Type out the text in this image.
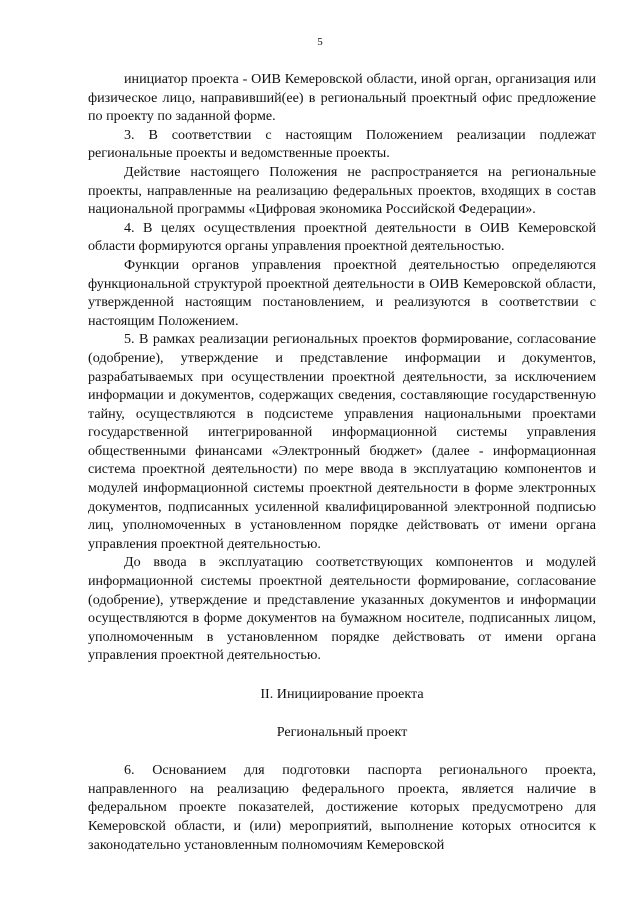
5

инициатор проекта - ОИВ Кемеровской области, иной орган, организация или физическое лицо, направивший(ее) в региональный проектный офис предложение по проекту по заданной форме.

3. В соответствии с настоящим Положением реализации подлежат региональные проекты и ведомственные проекты.

Действие настоящего Положения не распространяется на региональные проекты, направленные на реализацию федеральных проектов, входящих в состав национальной программы «Цифровая экономика Российской Федерации».

4. В целях осуществления проектной деятельности в ОИВ Кемеровской области формируются органы управления проектной деятельностью.

Функции органов управления проектной деятельностью определяются функциональной структурой проектной деятельности в ОИВ Кемеровской области, утвержденной настоящим постановлением, и реализуются в соответствии с настоящим Положением.

5. В рамках реализации региональных проектов формирование, согласование (одобрение), утверждение и представление информации и документов, разрабатываемых при осуществлении проектной деятельности, за исключением информации и документов, содержащих сведения, составляющие государственную тайну, осуществляются в подсистеме управления национальными проектами государственной интегрированной информационной системы управления общественными финансами «Электронный бюджет» (далее - информационная система проектной деятельности) по мере ввода в эксплуатацию компонентов и модулей информационной системы проектной деятельности в форме электронных документов, подписанных усиленной квалифицированной электронной подписью лиц, уполномоченных в установленном порядке действовать от имени органа управления проектной деятельностью.

До ввода в эксплуатацию соответствующих компонентов и модулей информационной системы проектной деятельности формирование, согласование (одобрение), утверждение и представление указанных документов и информации осуществляются в форме документов на бумажном носителе, подписанных лицом, уполномоченным в установленном порядке действовать от имени органа управления проектной деятельностью.

II. Инициирование проекта

Региональный проект

6. Основанием для подготовки паспорта регионального проекта, направленного на реализацию федерального проекта, является наличие в федеральном проекте показателей, достижение которых предусмотрено для Кемеровской области, и (или) мероприятий, выполнение которых относится к законодательно установленным полномочиям Кемеровской
